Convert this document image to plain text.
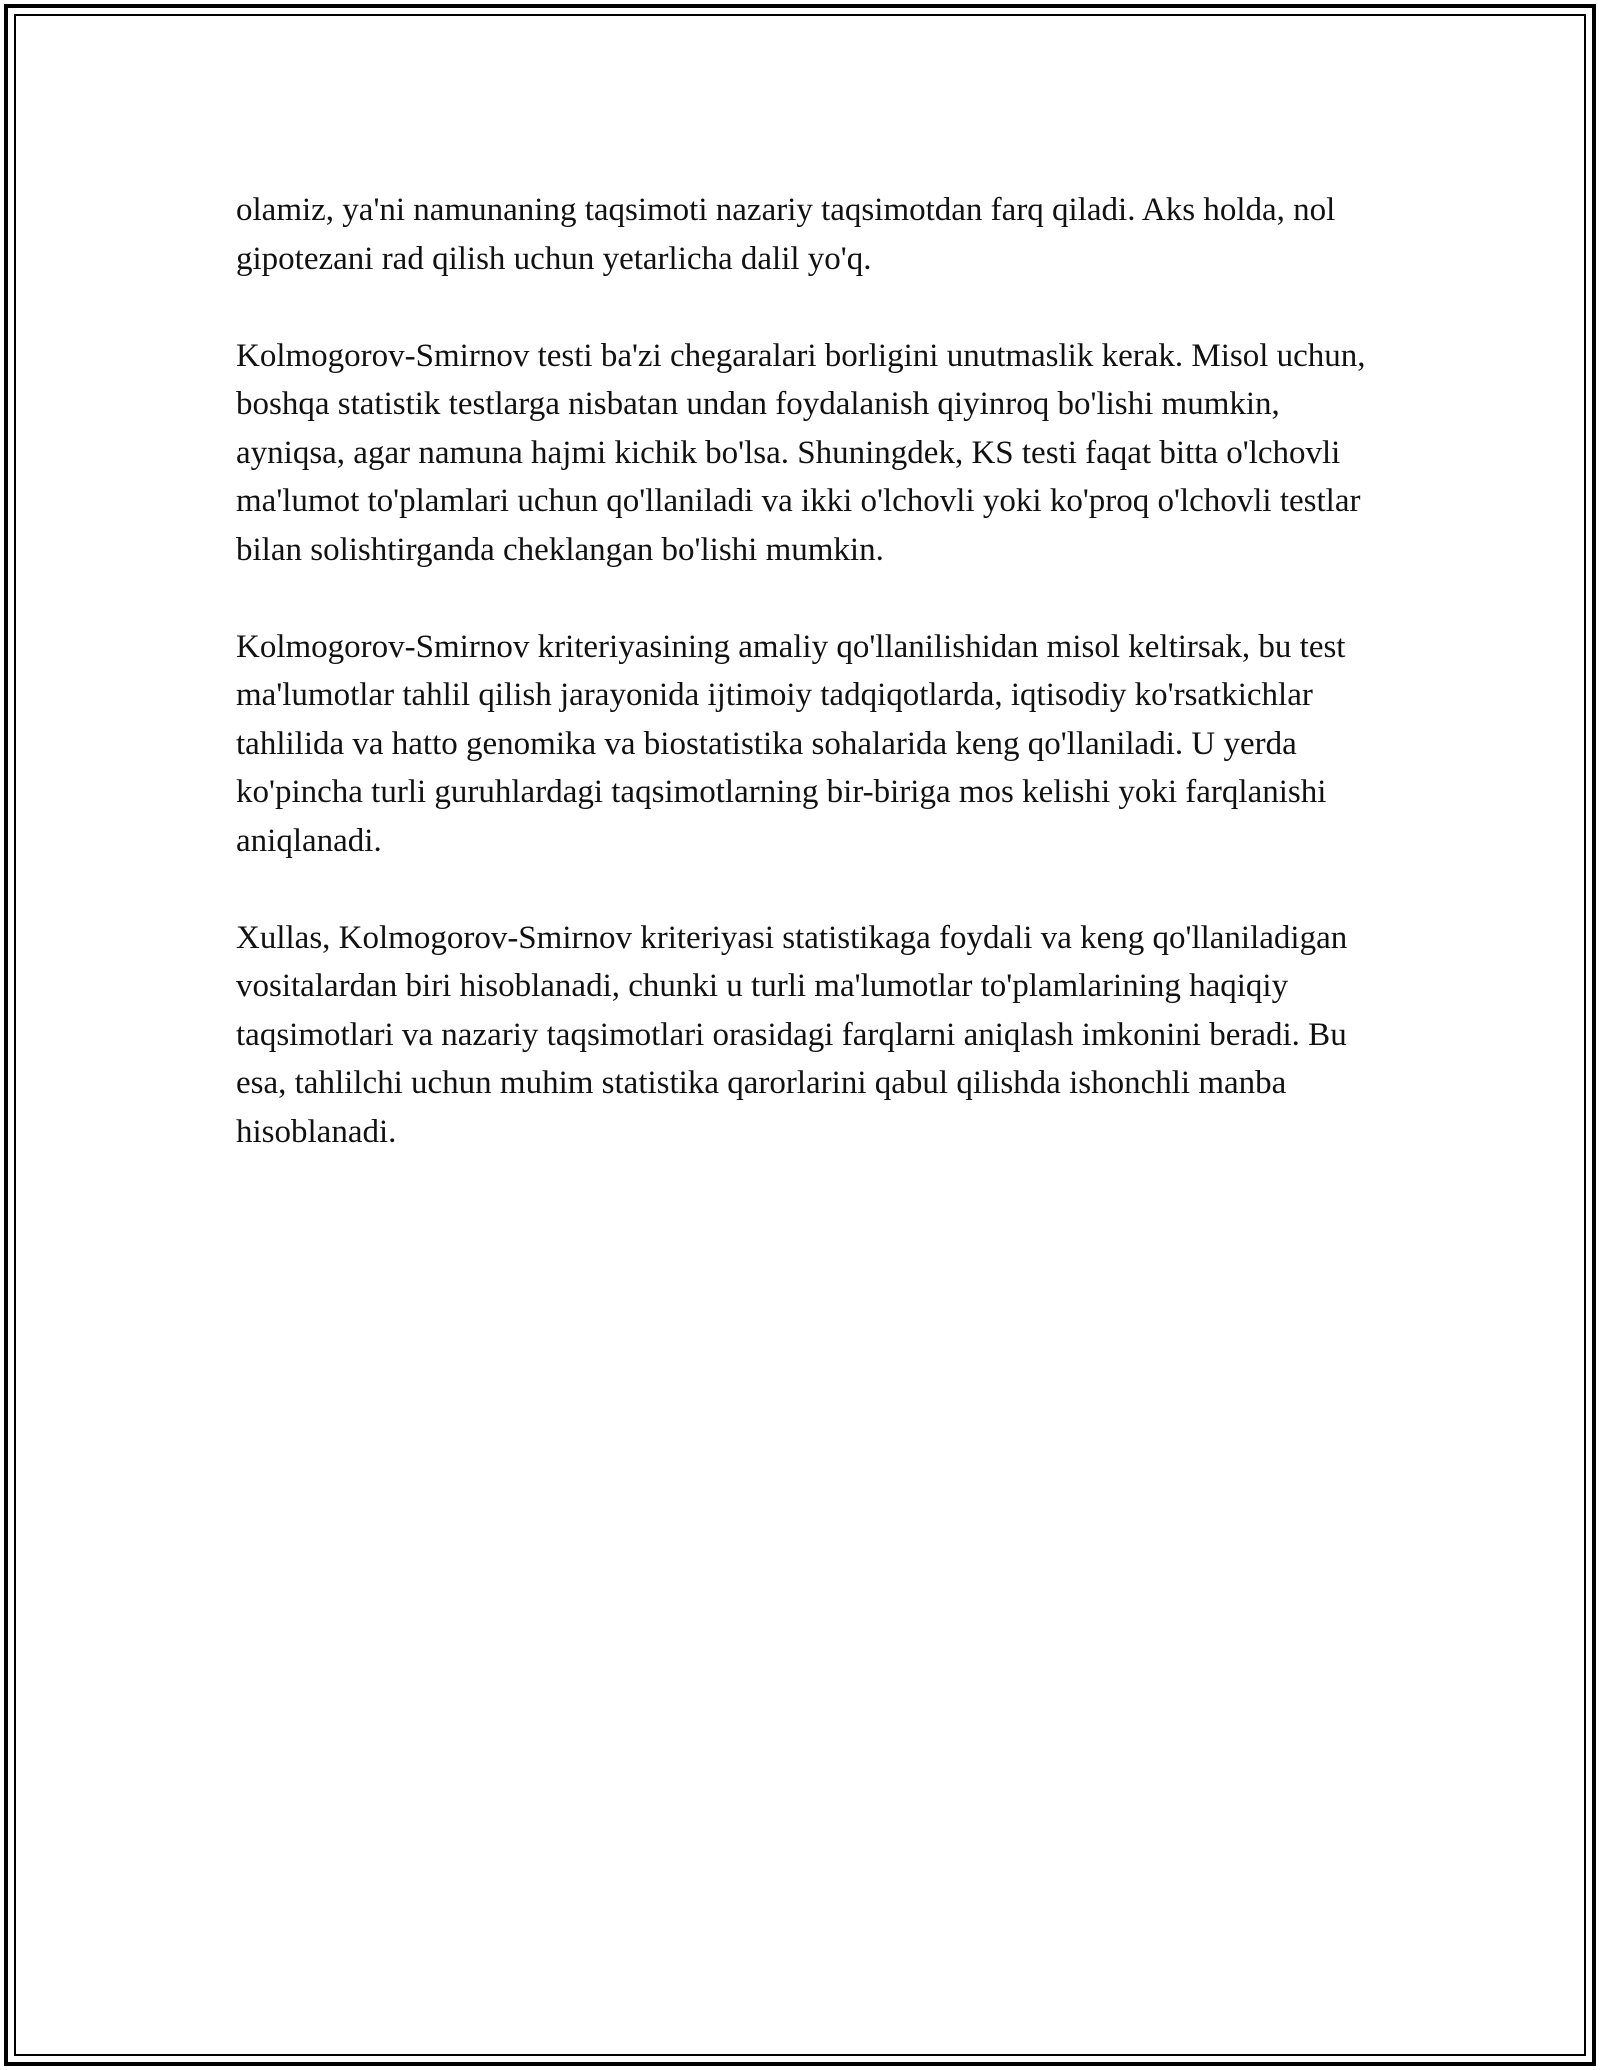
olamiz, ya'ni namunaning taqsimoti nazariy taqsimotdan farq qiladi. Aks holda, nol gipotezani rad qilish uchun yetarlicha dalil yo'q.

Kolmogorov-Smirnov testi ba'zi chegaralari borligini unutmaslik kerak. Misol uchun, boshqa statistik testlarga nisbatan undan foydalanish qiyinroq bo'lishi mumkin, ayniqsa, agar namuna hajmi kichik bo'lsa. Shuningdek, KS testi faqat bitta o'lchovli ma'lumot to'plamlari uchun qo'llaniladi va ikki o'lchovli yoki ko'proq o'lchovli testlar bilan solishtirganda cheklangan bo'lishi mumkin.

Kolmogorov-Smirnov kriteriyasining amaliy qo'llanilishidan misol keltirsak, bu test ma'lumotlar tahlil qilish jarayonida ijtimoiy tadqiqotlarda, iqtisodiy ko'rsatkichlar tahlilida va hatto genomika va biostatistika sohalarida keng qo'llaniladi. U yerda ko'pincha turli guruhlardagi taqsimotlarning bir-biriga mos kelishi yoki farqlanishi aniqlanadi.

Xullas, Kolmogorov-Smirnov kriteriyasi statistikaga foydali va keng qo'llaniladigan vositalardan biri hisoblanadi, chunki u turli ma'lumotlar to'plamlarining haqiqiy taqsimotlari va nazariy taqsimotlari orasidagi farqlarni aniqlash imkonini beradi. Bu esa, tahlilchi uchun muhim statistika qarorlarini qabul qilishda ishonchli manba hisoblanadi.
